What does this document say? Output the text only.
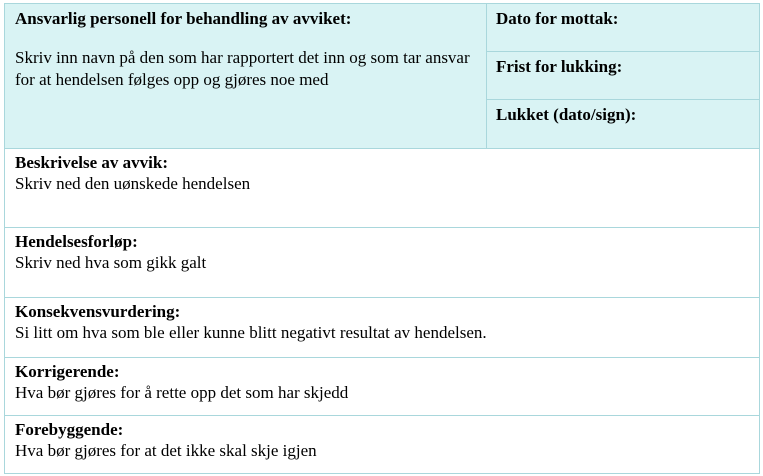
Ansvarlig personell for behandling av avviket:
Skriv inn navn på den som har rapportert det inn og som tar ansvar for at hendelsen følges opp og gjøres noe med
Dato for mottak:
Frist for lukking:
Lukket (dato/sign):
Beskrivelse av avvik:
Skriv ned den uønskede hendelsen
Hendelsesforløp:
Skriv ned hva som gikk galt
Konsekvensvurdering:
Si litt om hva som ble eller kunne blitt negativt resultat av hendelsen.
Korrigerende:
Hva bør gjøres for å rette opp det som har skjedd
Forebyggende:
Hva bør gjøres for at det ikke skal skje igjen
